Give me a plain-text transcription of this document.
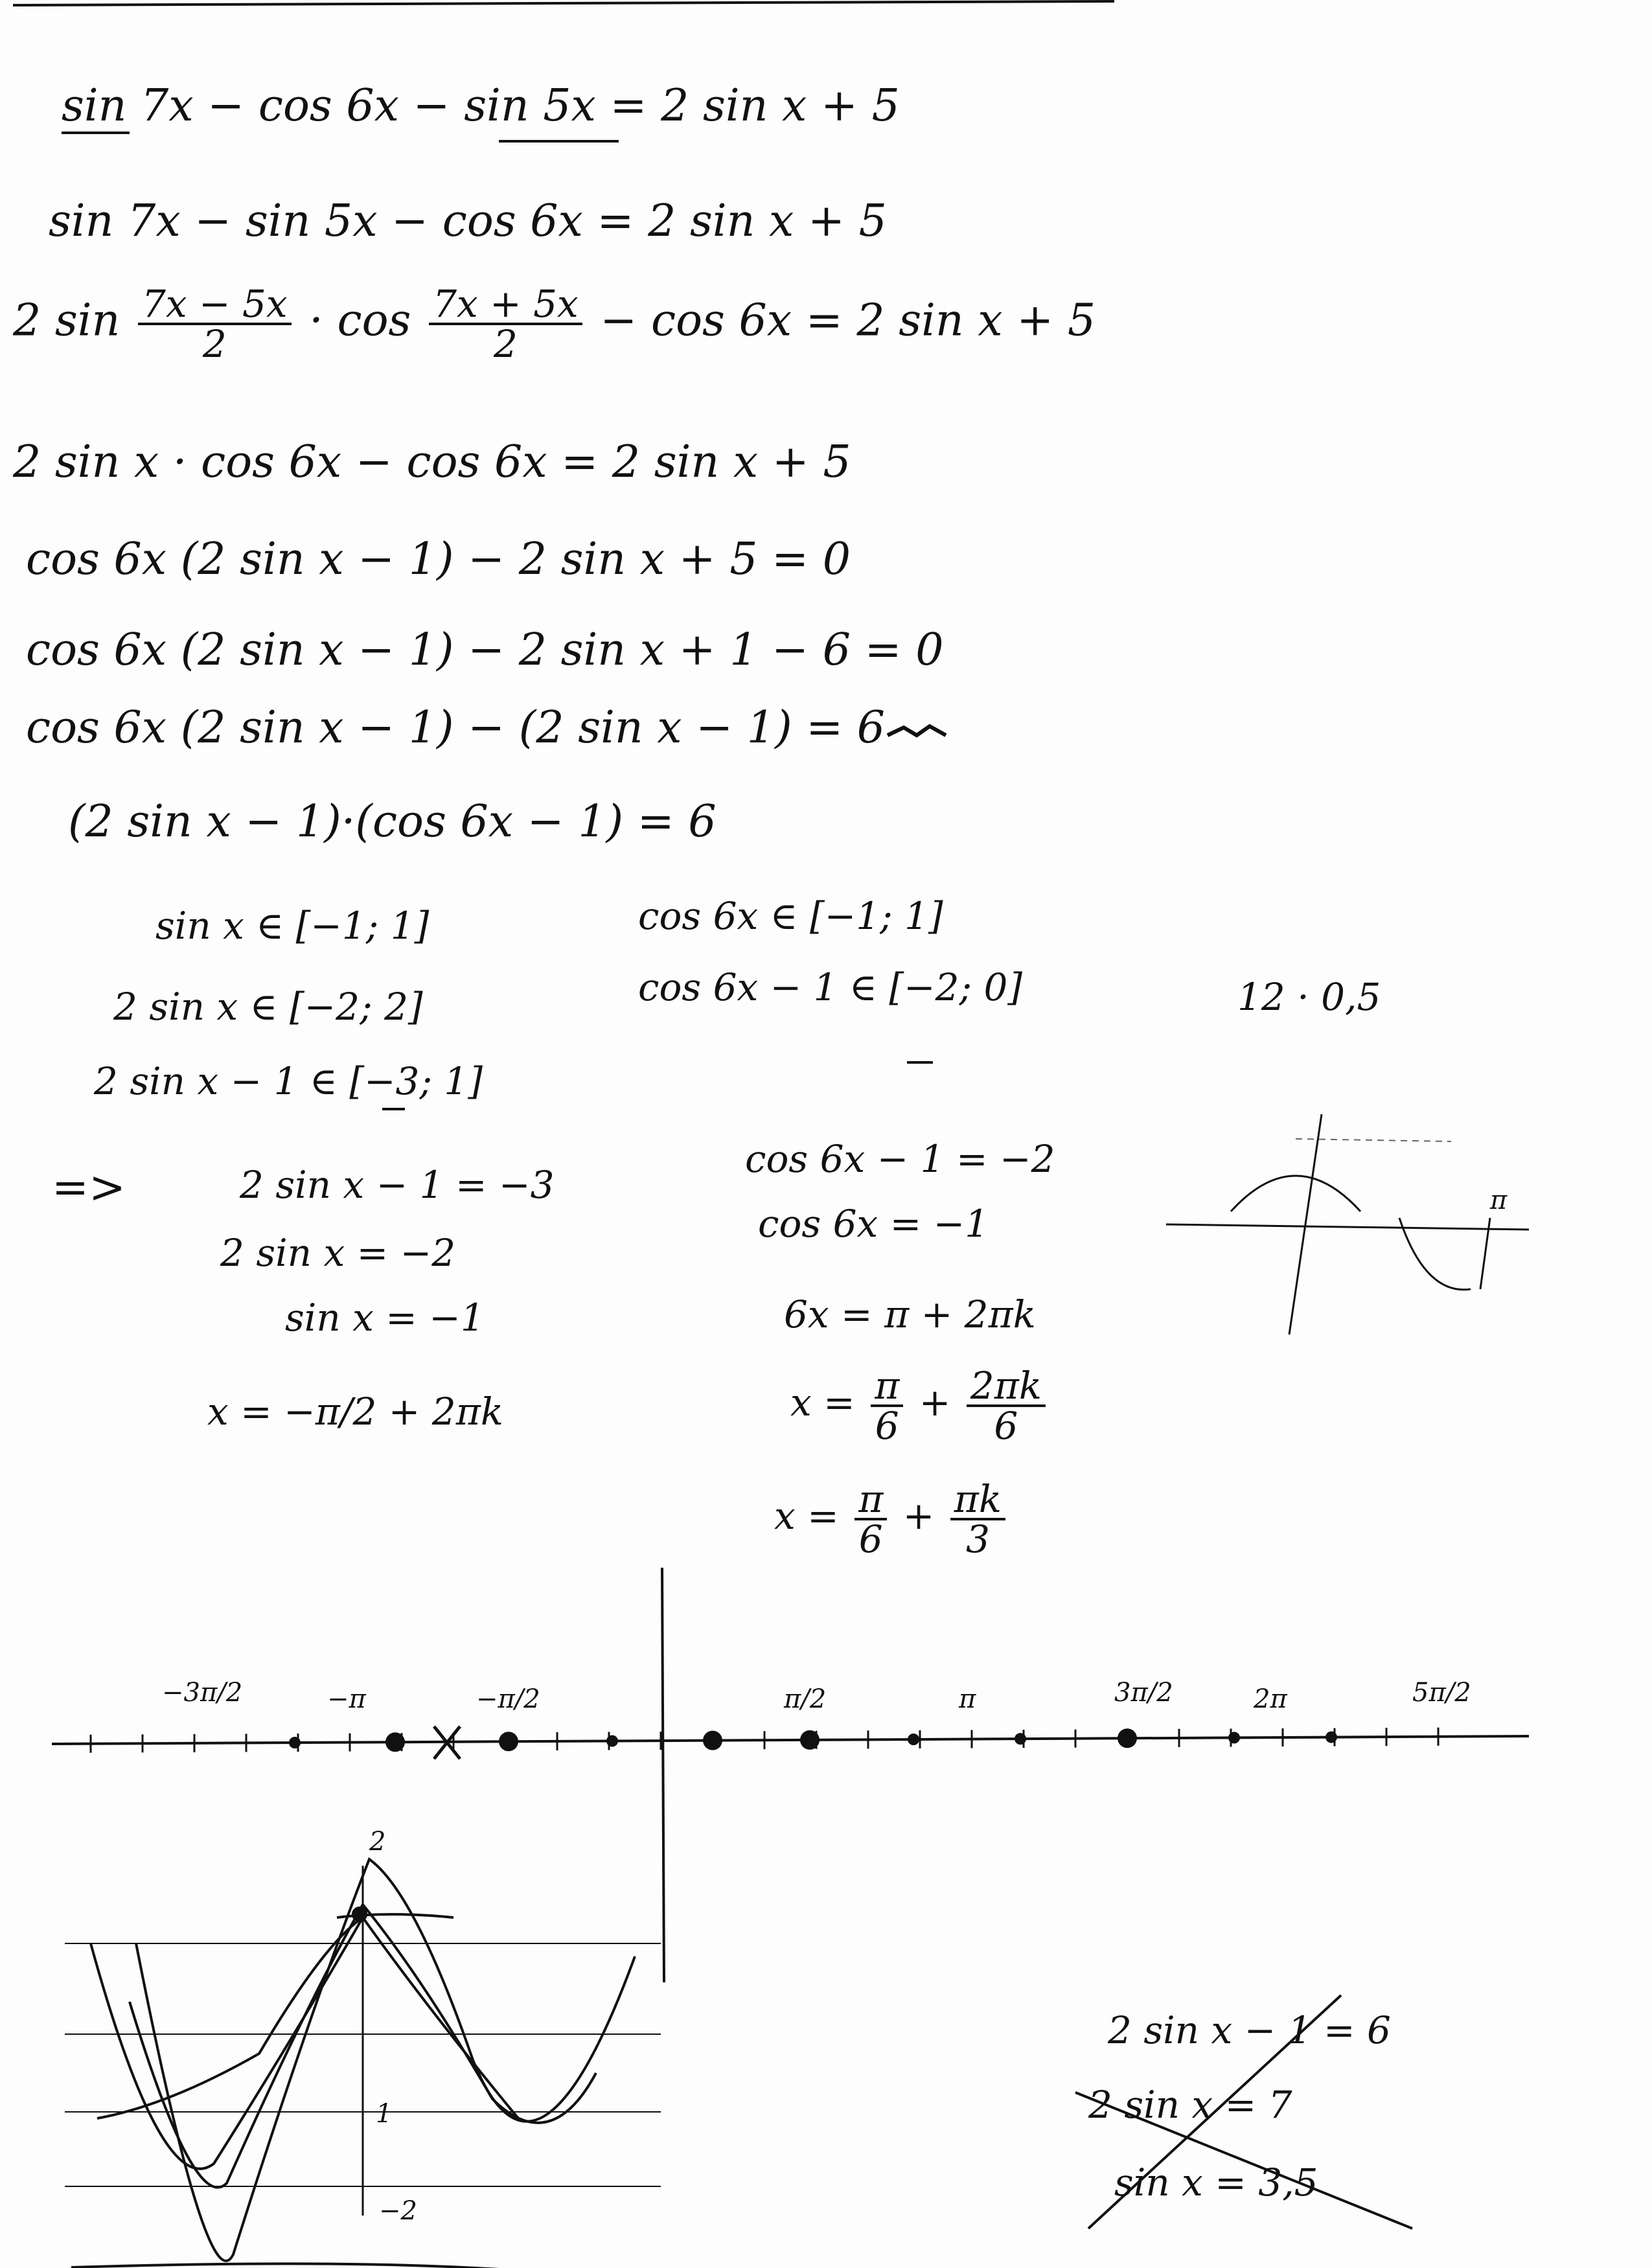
sin 7x − cos 6x − sin 5x = 2 sin x + 5
sin 7x − sin 5x − cos 6x = 2 sin x + 5
2 $\sin \frac{7x - 5x}{2} \cdot \cos \frac{7x + 5x}{2} - \cos 6x = 2$ sin x + 5
2 sin x · cos 6x − cos 6x = 2 sin x + 5
cos 6x (2 sin x − 1) − 2 sin x + 5 = 0
cos 6x (2 sin x − 1) − 2 sin x + 1 − 6 = 0
cos 6x (2 sin x − 1) − (2 sin x − 1) = 6
(2 sin x − 1)·(cos 6x − 1) = 6
sin x ∈ [−1; 1]
2 sin x ∈ [−2; 2]
2 sin x − 1 ∈ [−3; 1]
cos 6x ∈ [−1; 1]
cos 6x − 1 ∈ [−2; 0]	12 · 0,5
=>	2 sin x − 1 = −3
2 sin x = −2
sin x = −1
x = −π/2 + 2πk
cos 6x − 1 = −2
cos 6x = −1
6x = π + 2πk
$x = \frac{\pi}{6} + \frac{2\pi k}{6}$
$x = \frac{\pi}{6} + \frac{\pi k}{3}$
π
−3π/2	−π	−π/2	π/2	π	3π/2	2π	5π/2
2
1
−2
2 sin x − 1 = 6
2 sin x = 7
sin x = 3,5
